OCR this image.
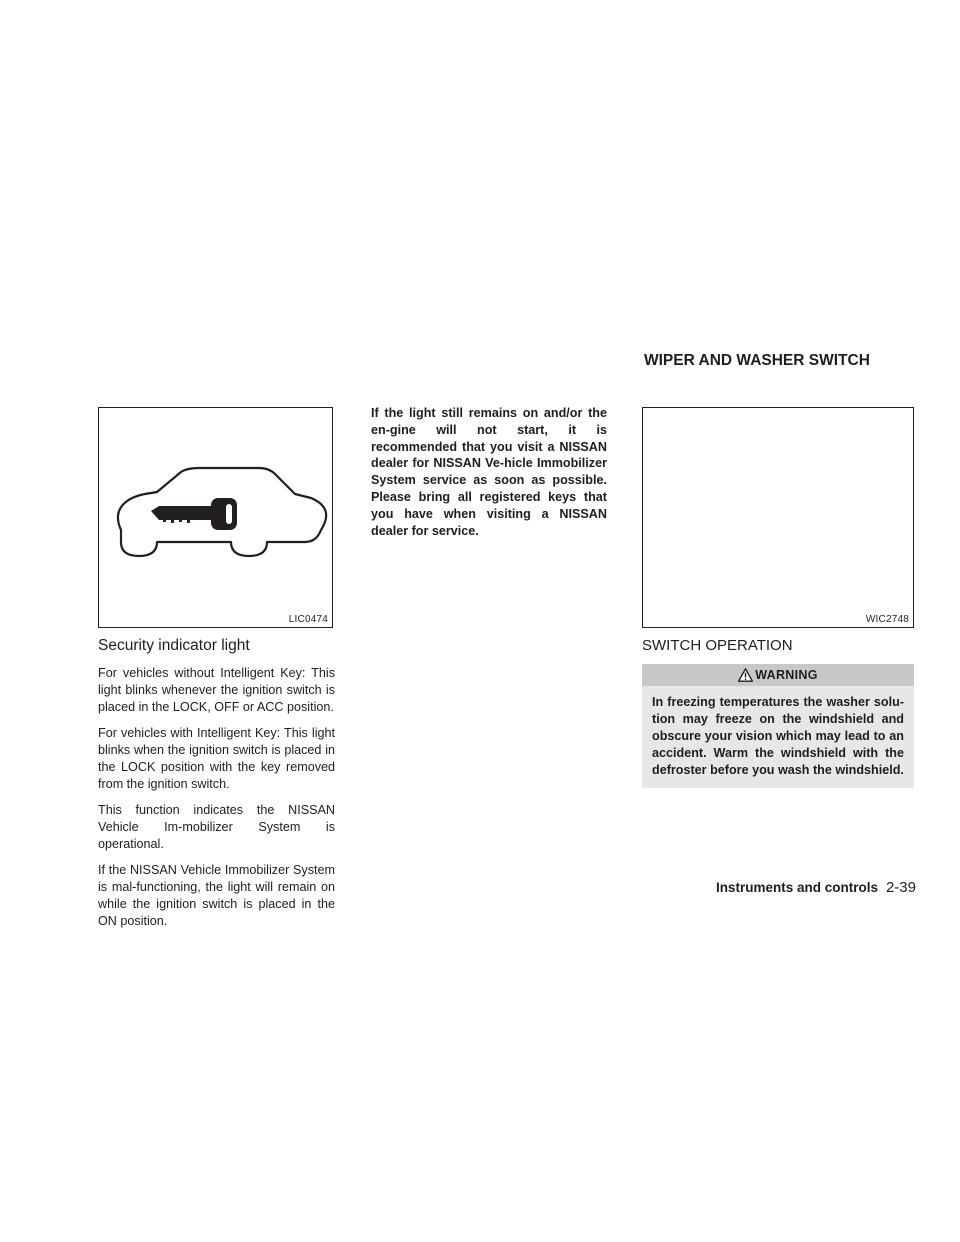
WIPER AND WASHER SWITCH
LIC0474
Security indicator light

For vehicles without Intelligent Key: This light blinks whenever the ignition switch is placed in the LOCK, OFF or ACC position.

For vehicles with Intelligent Key: This light blinks when the ignition switch is placed in the LOCK position with the key removed from the ignition switch.

This function indicates the NISSAN Vehicle Im-mobilizer System is operational.

If the NISSAN Vehicle Immobilizer System is mal-functioning, the light will remain on while the ignition switch is placed in the ON position.

If the light still remains on and/or the en-gine will not start, it is recommended that you visit a NISSAN dealer for NISSAN Ve-hicle Immobilizer System service as soon as possible. Please bring all registered keys that you have when visiting a NISSAN dealer for service.

WIC2748
SWITCH OPERATION
WARNING
In freezing temperatures the washer solu-tion may freeze on the windshield and obscure your vision which may lead to an accident. Warm the windshield with the defroster before you wash the windshield.
Instruments and controls 2-39
